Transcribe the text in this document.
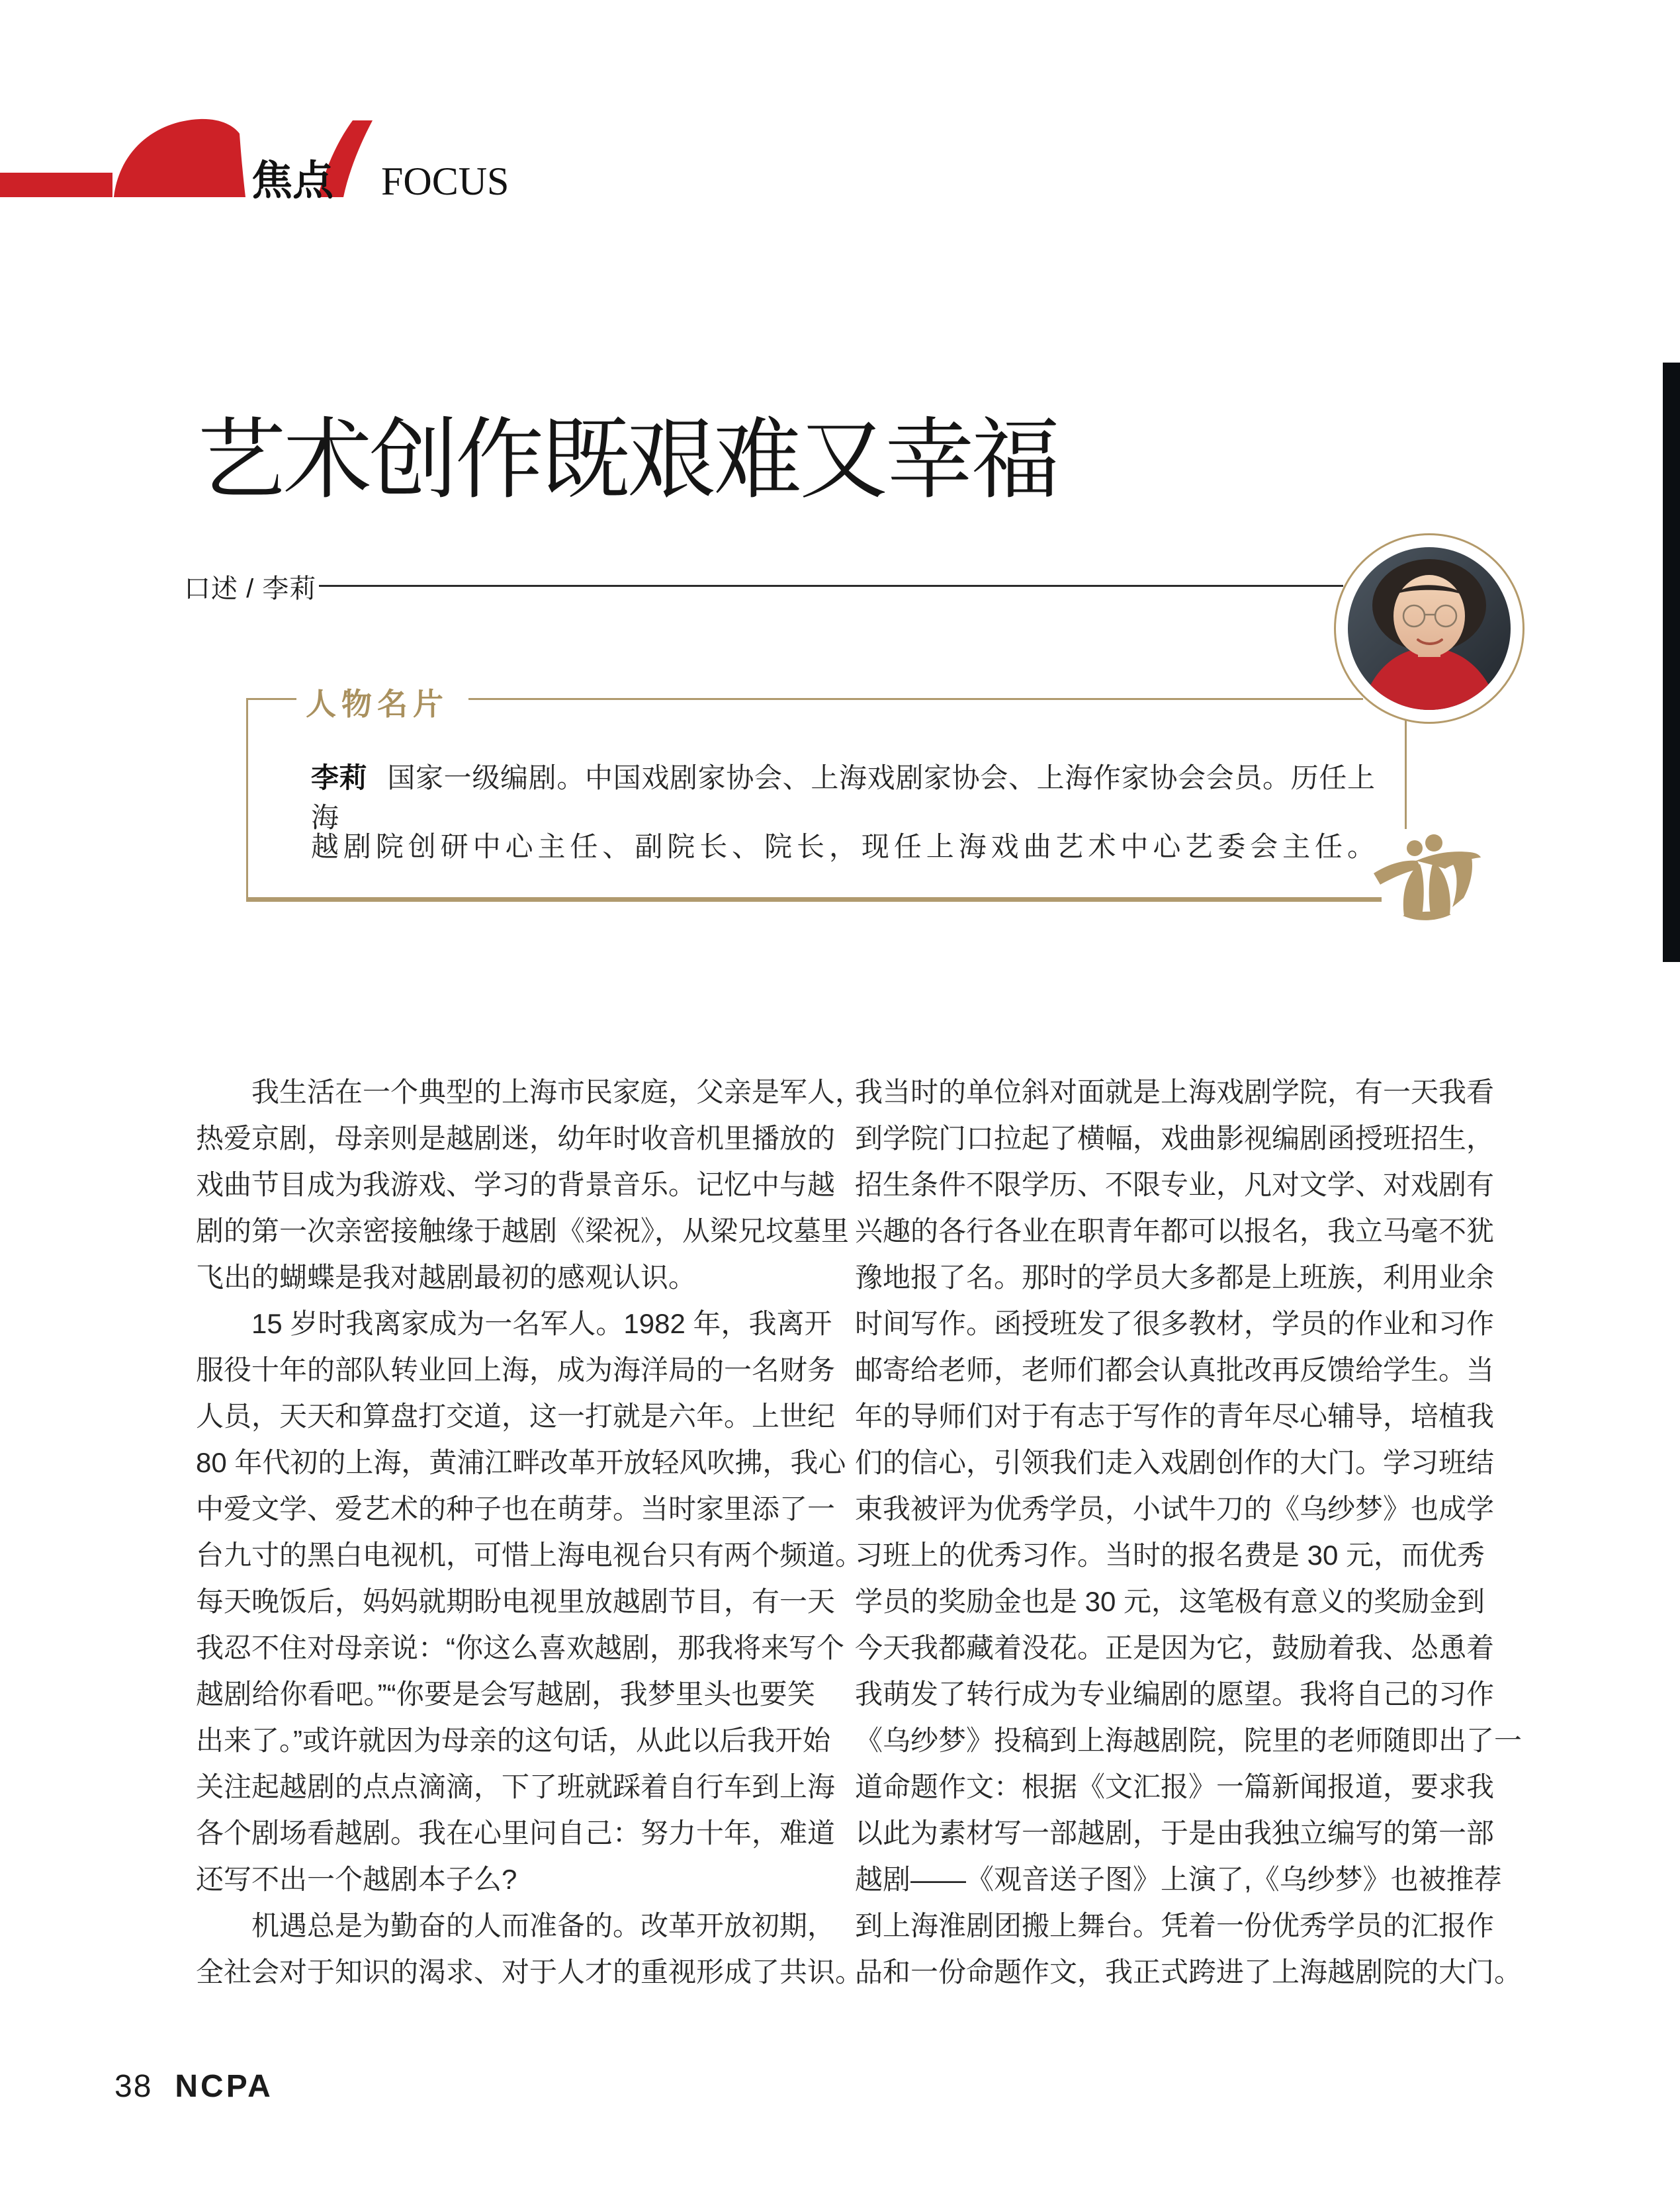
焦点 FOCUS
艺术创作既艰难又幸福
口述 / 李莉
人物名片
李莉 国家一级编剧。中国戏剧家协会、上海戏剧家协会、上海作家协会会员。历任上海
越剧院创研中心主任、副院长、院长，现任上海戏曲艺术中心艺委会主任。
我生活在一个典型的上海市民家庭，父亲是军人，
热爱京剧，母亲则是越剧迷，幼年时收音机里播放的
戏曲节目成为我游戏、学习的背景音乐。记忆中与越
剧的第一次亲密接触缘于越剧《梁祝》，从梁兄坟墓里
飞出的蝴蝶是我对越剧最初的感观认识。
15 岁时我离家成为一名军人。1982 年，我离开
服役十年的部队转业回上海，成为海洋局的一名财务
人员，天天和算盘打交道，这一打就是六年。上世纪
80 年代初的上海，黄浦江畔改革开放轻风吹拂，我心
中爱文学、爱艺术的种子也在萌芽。当时家里添了一
台九寸的黑白电视机，可惜上海电视台只有两个频道。
每天晚饭后，妈妈就期盼电视里放越剧节目，有一天
我忍不住对母亲说：“你这么喜欢越剧，那我将来写个
越剧给你看吧。”“你要是会写越剧，我梦里头也要笑
出来了。”或许就因为母亲的这句话，从此以后我开始
关注起越剧的点点滴滴，下了班就踩着自行车到上海
各个剧场看越剧。我在心里问自己：努力十年，难道
还写不出一个越剧本子么?
机遇总是为勤奋的人而准备的。改革开放初期，
全社会对于知识的渴求、对于人才的重视形成了共识。
我当时的单位斜对面就是上海戏剧学院，有一天我看
到学院门口拉起了横幅，戏曲影视编剧函授班招生，
招生条件不限学历、不限专业，凡对文学、对戏剧有
兴趣的各行各业在职青年都可以报名，我立马毫不犹
豫地报了名。那时的学员大多都是上班族，利用业余
时间写作。函授班发了很多教材，学员的作业和习作
邮寄给老师，老师们都会认真批改再反馈给学生。当
年的导师们对于有志于写作的青年尽心辅导，培植我
们的信心，引领我们走入戏剧创作的大门。学习班结
束我被评为优秀学员，小试牛刀的《乌纱梦》也成学
习班上的优秀习作。当时的报名费是 30 元，而优秀
学员的奖励金也是 30 元，这笔极有意义的奖励金到
今天我都藏着没花。正是因为它，鼓励着我、怂恿着
我萌发了转行成为专业编剧的愿望。我将自己的习作
《乌纱梦》投稿到上海越剧院，院里的老师随即出了一
道命题作文：根据《文汇报》一篇新闻报道，要求我
以此为素材写一部越剧，于是由我独立编写的第一部
越剧——《观音送子图》上演了,《乌纱梦》也被推荐
到上海淮剧团搬上舞台。凭着一份优秀学员的汇报作
品和一份命题作文，我正式跨进了上海越剧院的大门。
38 NCPA
